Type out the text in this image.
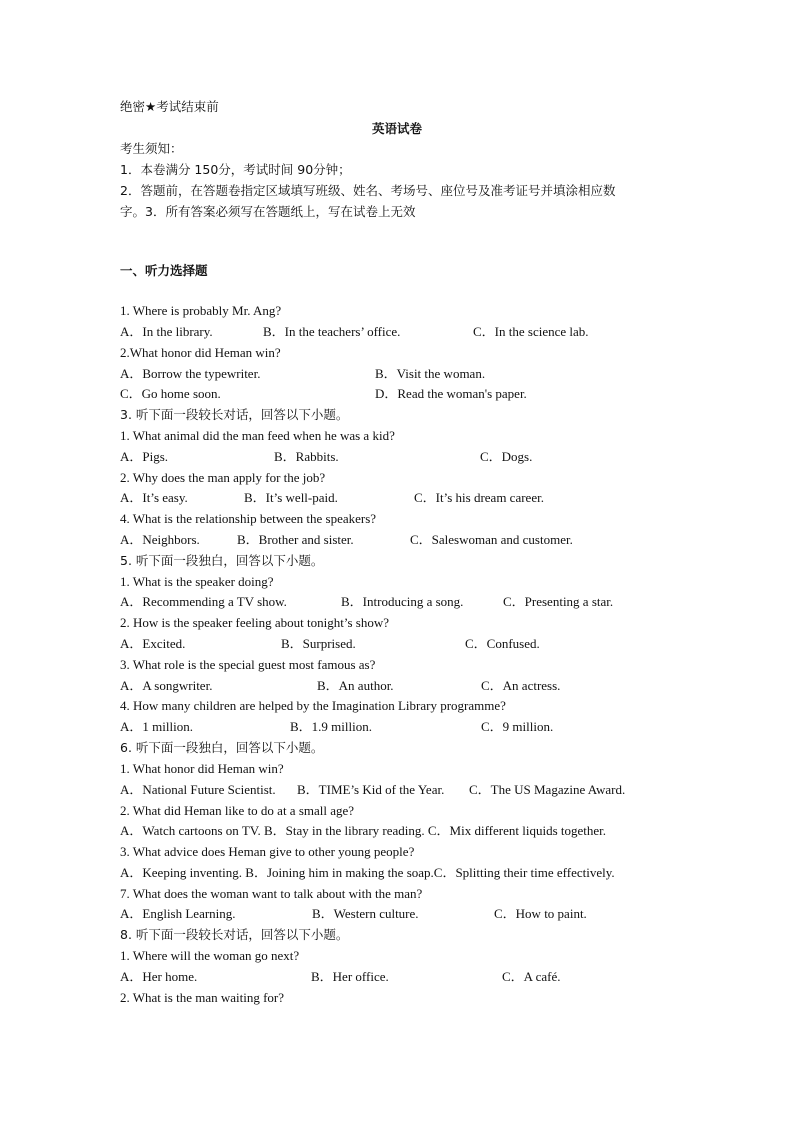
绝密★考试结束前
英语试卷
考生须知：
1．本卷满分 150分，考试时间 90分钟；
2．答题前，在答题卷指定区域填写班级、姓名、考场号、座位号及准考证号并填涂相应数
字。3．所有答案必须写在答题纸上，写在试卷上无效
一、听力选择题
1. Where is probably Mr. Ang?
A．In the library.	B．In the teachers’ office.	C．In the science lab.
2.What honor did Heman win?
A．Borrow the typewriter.	B．Visit the woman.
C．Go home soon.	D．Read the woman's paper.
3. 听下面一段较长对话，回答以下小题。
1. What animal did the man feed when he was a kid?
A．Pigs.	B．Rabbits.	C．Dogs.
2. Why does the man apply for the job?
A．It’s easy.	B．It’s well-paid.	C．It’s his dream career.
4. What is the relationship between the speakers?
A．Neighbors.	B．Brother and sister.	C．Saleswoman and customer.
5. 听下面一段独白，回答以下小题。
1. What is the speaker doing?
A．Recommending a TV show.	B．Introducing a song.	C．Presenting a star.
2. How is the speaker feeling about tonight’s show?
A．Excited.	B．Surprised.	C．Confused.
3. What role is the special guest most famous as?
A．A songwriter.	B．An author.	C．An actress.
4. How many children are helped by the Imagination Library programme?
A．1 million.	B．1.9 million.	C．9 million.
6. 听下面一段独白，回答以下小题。
1. What honor did Heman win?
A．National Future Scientist. B．TIME’s Kid of the Year. C．The US Magazine Award.
2. What did Heman like to do at a small age?
A．Watch cartoons on TV. B．Stay in the library reading. C．Mix different liquids together.
3. What advice does Heman give to other young people?
A．Keeping inventing. B．Joining him in making the soap.C．Splitting their time effectively.
7. What does the woman want to talk about with the man?
A．English Learning.	B．Western culture.	C．How to paint.
8. 听下面一段较长对话，回答以下小题。
1. Where will the woman go next?
A．Her home.	B．Her office.	C．A café.
2. What is the man waiting for?
